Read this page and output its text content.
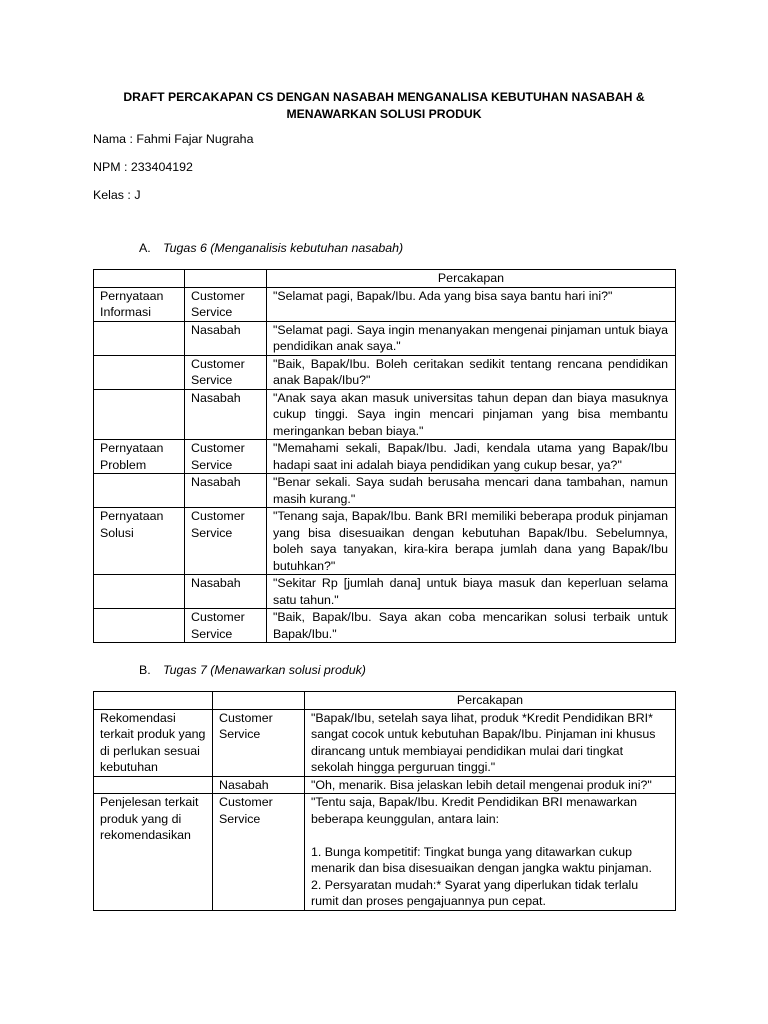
DRAFT PERCAKAPAN CS DENGAN NASABAH MENGANALISA KEBUTUHAN NASABAH &
MENAWARKAN SOLUSI PRODUK
Nama : Fahmi Fajar Nugraha
NPM : 233404192
Kelas : J
A. Tugas 6 (Menganalisis kebutuhan nasabah)
		Percakapan
Pernyataan Informasi	Customer Service	"Selamat pagi, Bapak/Ibu. Ada yang bisa saya bantu hari ini?"
	Nasabah	"Selamat pagi. Saya ingin menanyakan mengenai pinjaman untuk biaya pendidikan anak saya."
	Customer Service	"Baik, Bapak/Ibu. Boleh ceritakan sedikit tentang rencana pendidikan anak Bapak/Ibu?"
	Nasabah	"Anak saya akan masuk universitas tahun depan dan biaya masuknya cukup tinggi. Saya ingin mencari pinjaman yang bisa membantu meringankan beban biaya."
Pernyataan Problem	Customer Service	"Memahami sekali, Bapak/Ibu. Jadi, kendala utama yang Bapak/Ibu hadapi saat ini adalah biaya pendidikan yang cukup besar, ya?"
	Nasabah	"Benar sekali. Saya sudah berusaha mencari dana tambahan, namun masih kurang."
Pernyataan Solusi	Customer Service	"Tenang saja, Bapak/Ibu. Bank BRI memiliki beberapa produk pinjaman yang bisa disesuaikan dengan kebutuhan Bapak/Ibu. Sebelumnya, boleh saya tanyakan, kira-kira berapa jumlah dana yang Bapak/Ibu butuhkan?"
	Nasabah	"Sekitar Rp [jumlah dana] untuk biaya masuk dan keperluan selama satu tahun."
	Customer Service	"Baik, Bapak/Ibu. Saya akan coba mencarikan solusi terbaik untuk Bapak/Ibu."
B. Tugas 7 (Menawarkan solusi produk)
		Percakapan
Rekomendasi terkait produk yang di perlukan sesuai kebutuhan	Customer Service	"Bapak/Ibu, setelah saya lihat, produk *Kredit Pendidikan BRI* sangat cocok untuk kebutuhan Bapak/Ibu. Pinjaman ini khusus dirancang untuk membiayai pendidikan mulai dari tingkat sekolah hingga perguruan tinggi."
	Nasabah	"Oh, menarik. Bisa jelaskan lebih detail mengenai produk ini?"
Penjelesan terkait produk yang di rekomendasikan	Customer Service	"Tentu saja, Bapak/Ibu. Kredit Pendidikan BRI menawarkan beberapa keunggulan, antara lain:
1. Bunga kompetitif: Tingkat bunga yang ditawarkan cukup menarik dan bisa disesuaikan dengan jangka waktu pinjaman.
2. Persyaratan mudah:* Syarat yang diperlukan tidak terlalu rumit dan proses pengajuannya pun cepat.
